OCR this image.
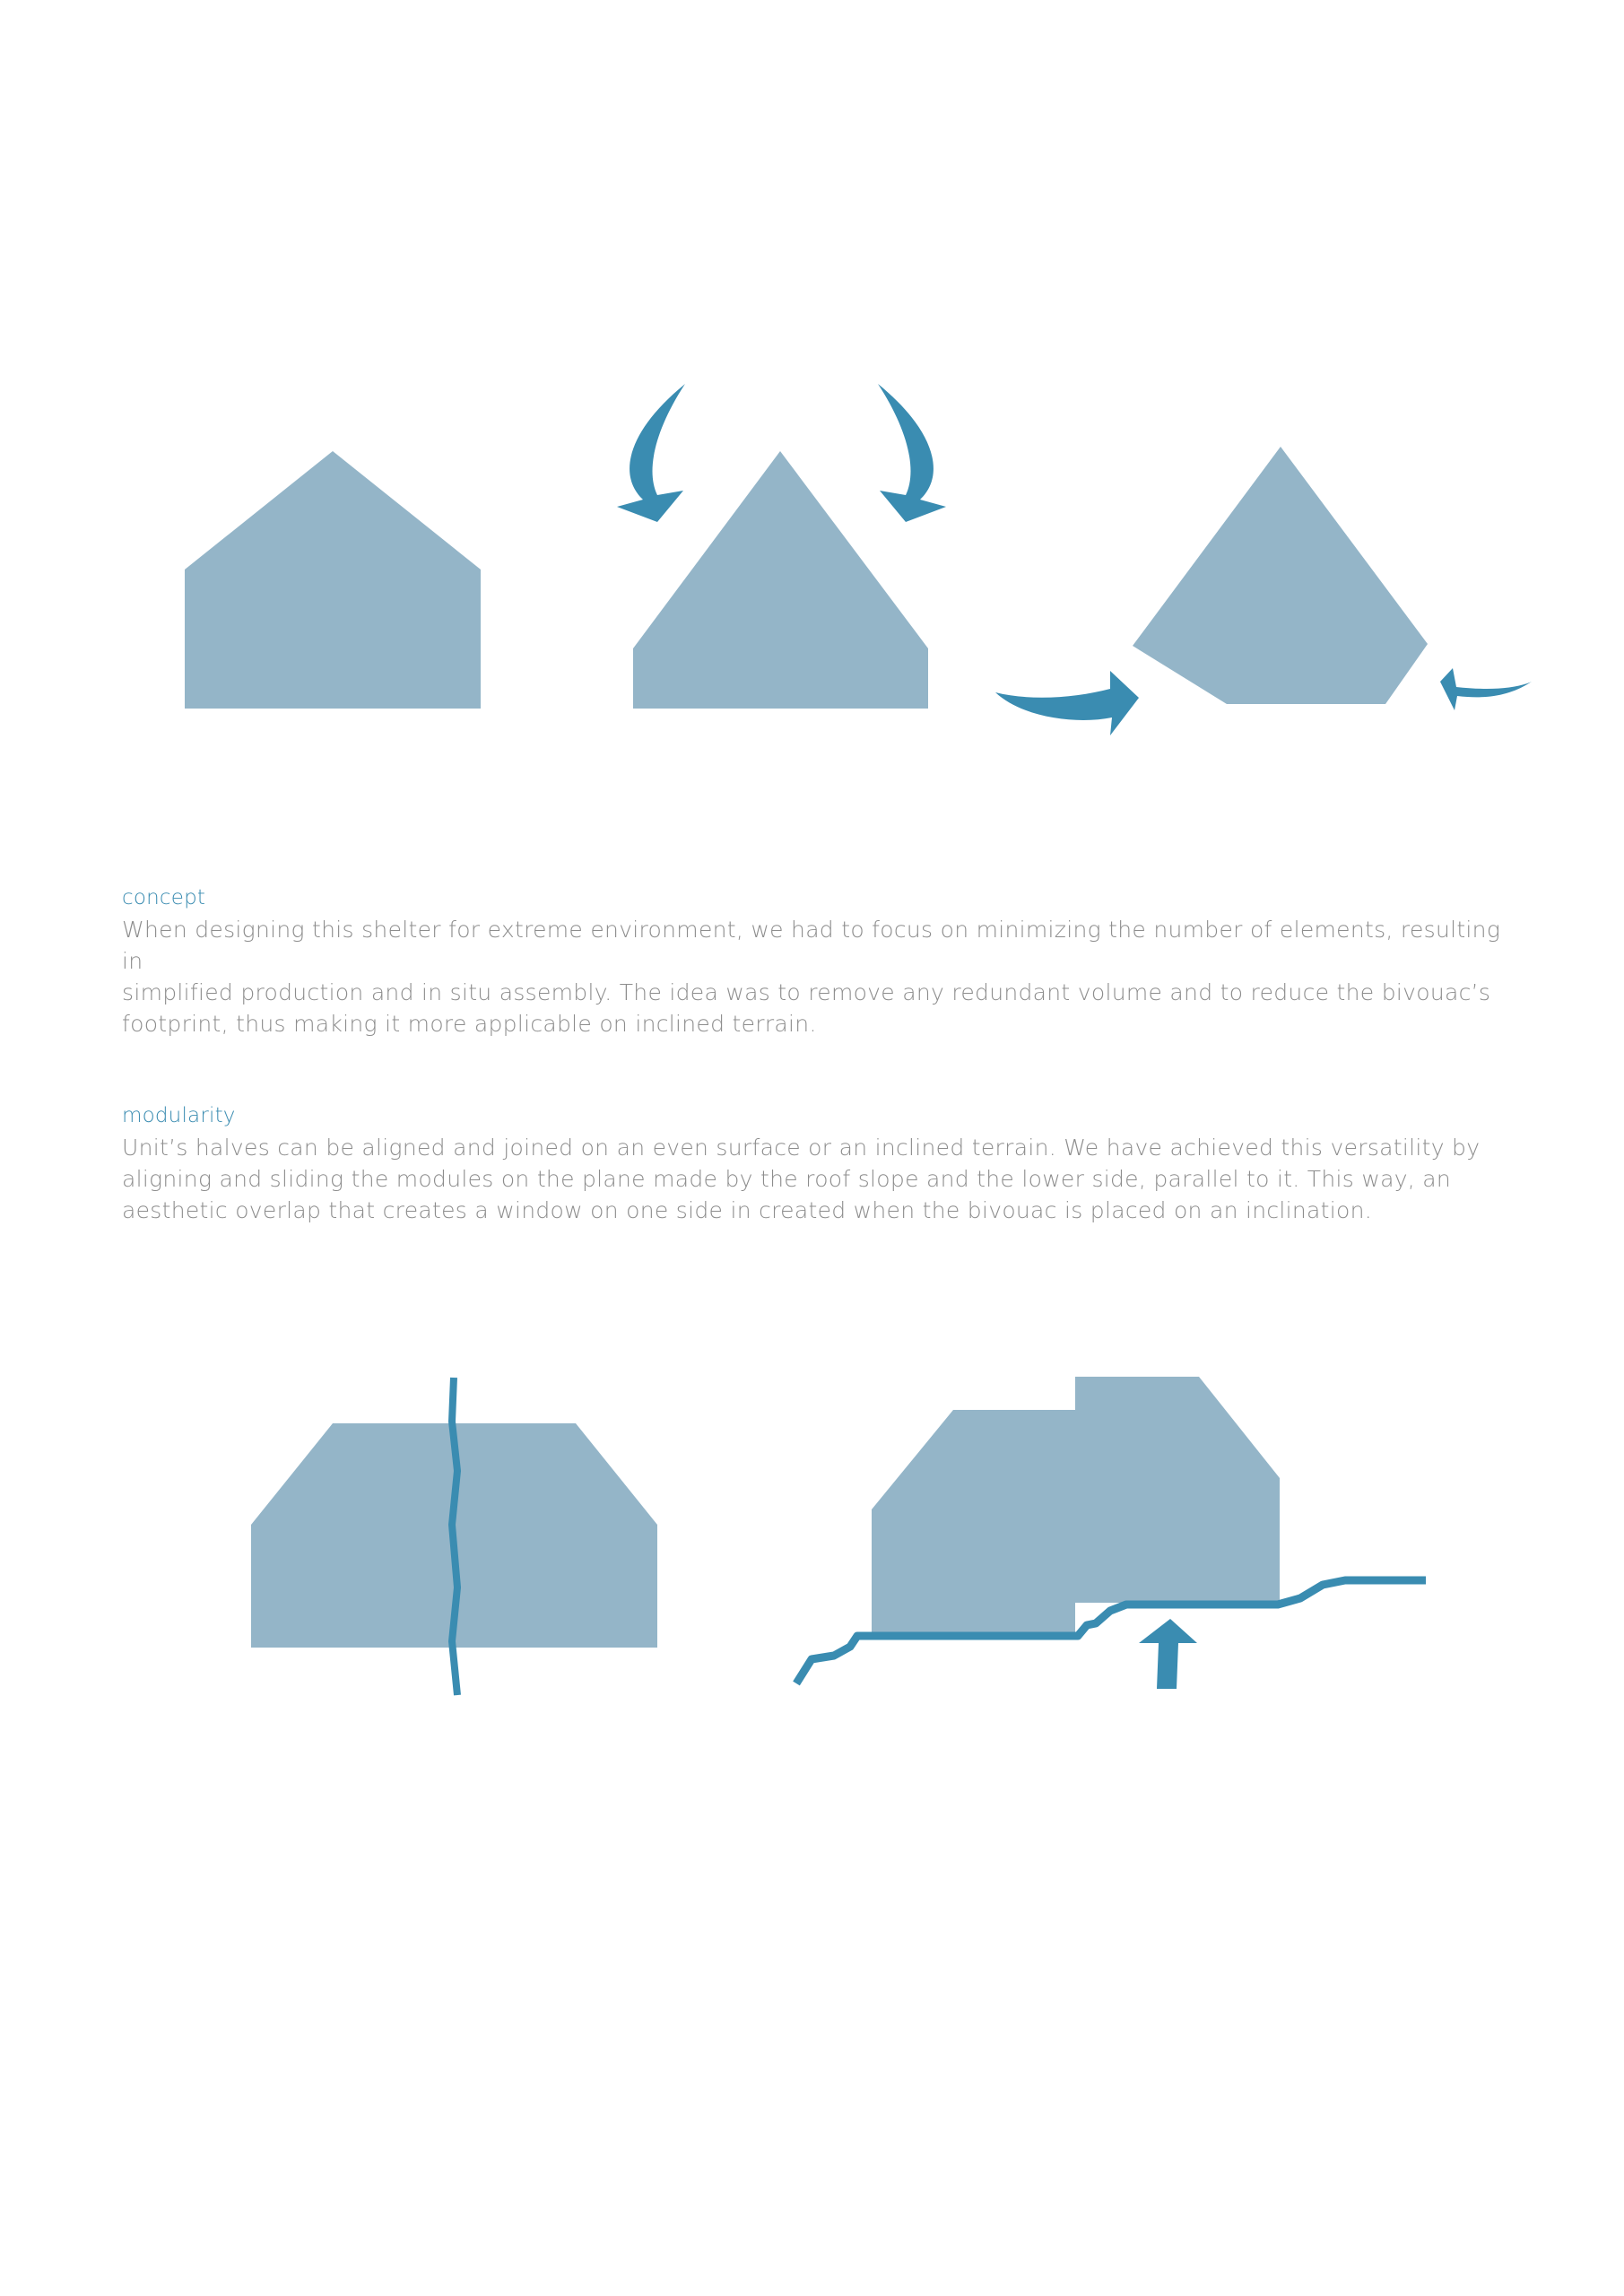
concept

When designing this shelter for extreme environment, we had to focus on minimizing the number of elements, resulting in
simplified production and in situ assembly. The idea was to remove any redundant volume and to reduce the bivouac’s
footprint, thus making it more applicable on inclined terrain.

modularity

Unit’s halves can be aligned and joined on an even surface or an inclined terrain. We have achieved this versatility by
aligning and sliding the modules on the plane made by the roof slope and the lower side, parallel to it. This way, an
aesthetic overlap that creates a window on one side in created when the bivouac is placed on an inclination.
